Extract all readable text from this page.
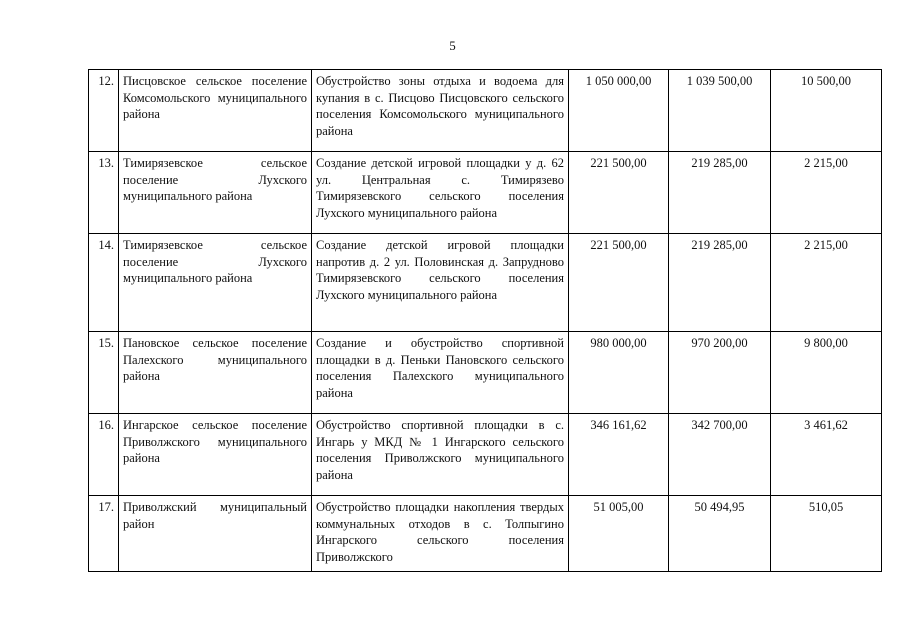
5
12.	Писцовское сельское поселение Комсомольского муниципального района	Обустройство зоны отдыха и водоема для купания в с. Писцово Писцовского сельского поселения Комсомольского муниципального района	1 050 000,00	1 039 500,00	10 500,00
13.	Тимирязевское сельское поселение Лухского муниципального района	Создание детской игровой площадки у д. 62 ул. Центральная с. Тимирязево Тимирязевского сельского поселения Лухского муниципального района	221 500,00	219 285,00	2 215,00
14.	Тимирязевское сельское поселение Лухского муниципального района	Создание детской игровой площадки напротив д. 2 ул. Половинская д. Запрудново Тимирязевского сельского поселения Лухского муниципального района	221 500,00	219 285,00	2 215,00
15.	Пановское сельское поселение Палехского муниципального района	Создание и обустройство спортивной площадки в д. Пеньки Пановского сельского поселения Палехского муниципального района	980 000,00	970 200,00	9 800,00
16.	Ингарское сельское поселение Приволжского муниципального района	Обустройство спортивной площадки в с. Ингарь у МКД № 1 Ингарского сельского поселения Приволжского муниципального района	346 161,62	342 700,00	3 461,62
17.	Приволжский муниципальный район	Обустройство площадки накопления твердых коммунальных отходов в с. Толпыгино Ингарского сельского поселения Приволжского	51 005,00	50 494,95	510,05
